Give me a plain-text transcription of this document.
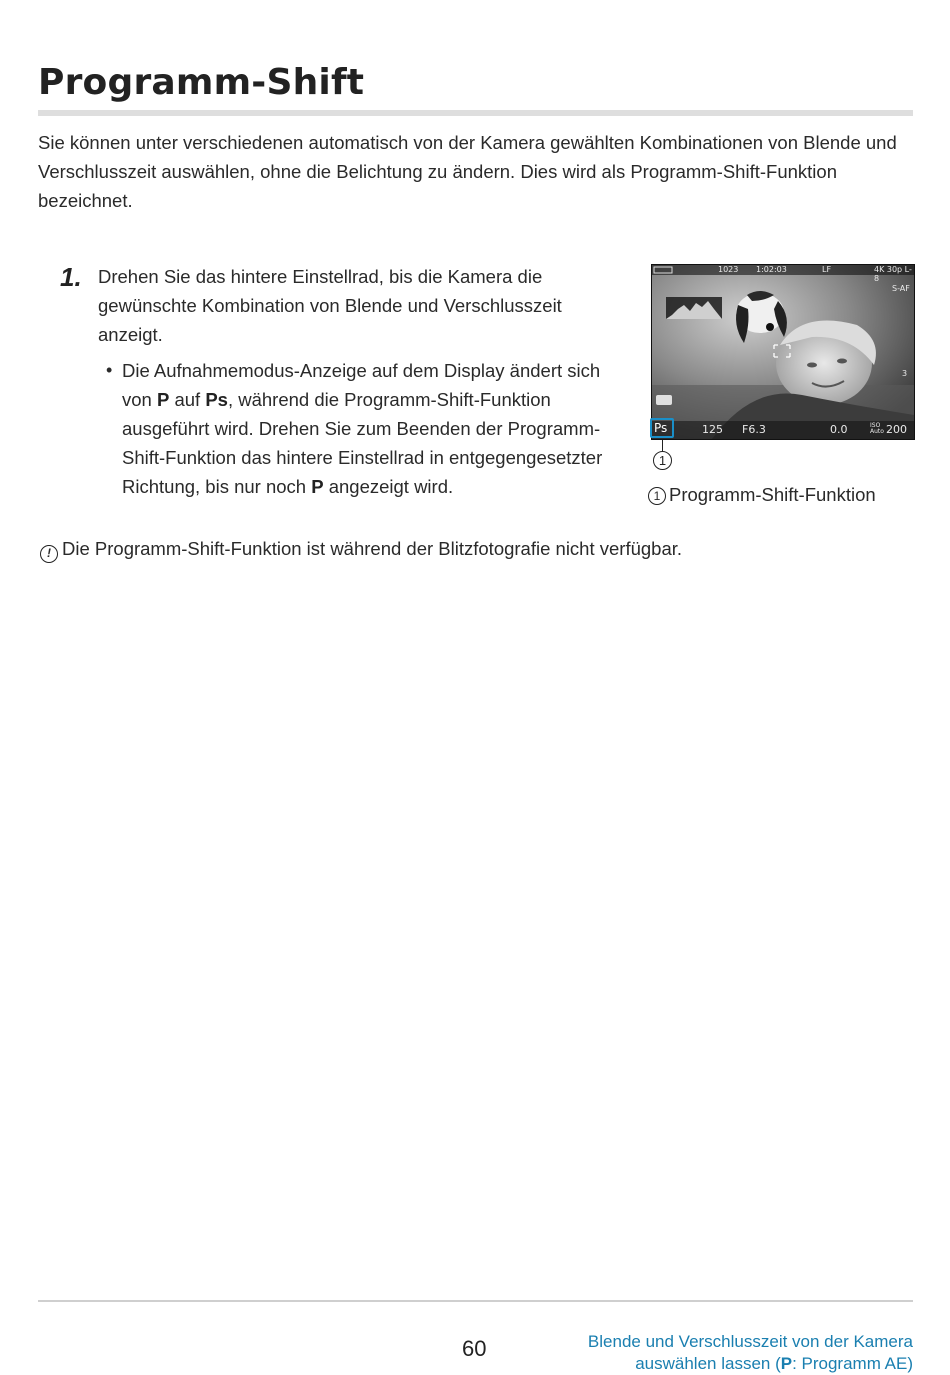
Programm-Shift
Sie können unter verschiedenen automatisch von der Kamera gewählten Kombinationen von Blende und Verschlusszeit auswählen, ohne die Belichtung zu ändern. Dies wird als Programm-Shift-Funktion bezeichnet.
1. Drehen Sie das hintere Einstellrad, bis die Kamera die gewünschte Kombination von Blende und Verschlusszeit anzeigt.
• Die Aufnahmemodus-Anzeige auf dem Display ändert sich von P auf Ps, während die Programm-Shift-Funktion ausgeführt wird. Drehen Sie zum Beenden der Programm-Shift-Funktion das hintere Einstellrad in entgegengesetzter Richtung, bis nur noch P angezeigt wird.
1023 1:02:03	LF	4K 30p L-8
S-AF
3
125 F6.3	0.0	ISO Auto 200
Ps
1
1 Programm-Shift-Funktion
! Die Programm-Shift-Funktion ist während der Blitzfotografie nicht verfügbar.
60	Blende und Verschlusszeit von der Kamera
auswählen lassen (P: Programm AE)
